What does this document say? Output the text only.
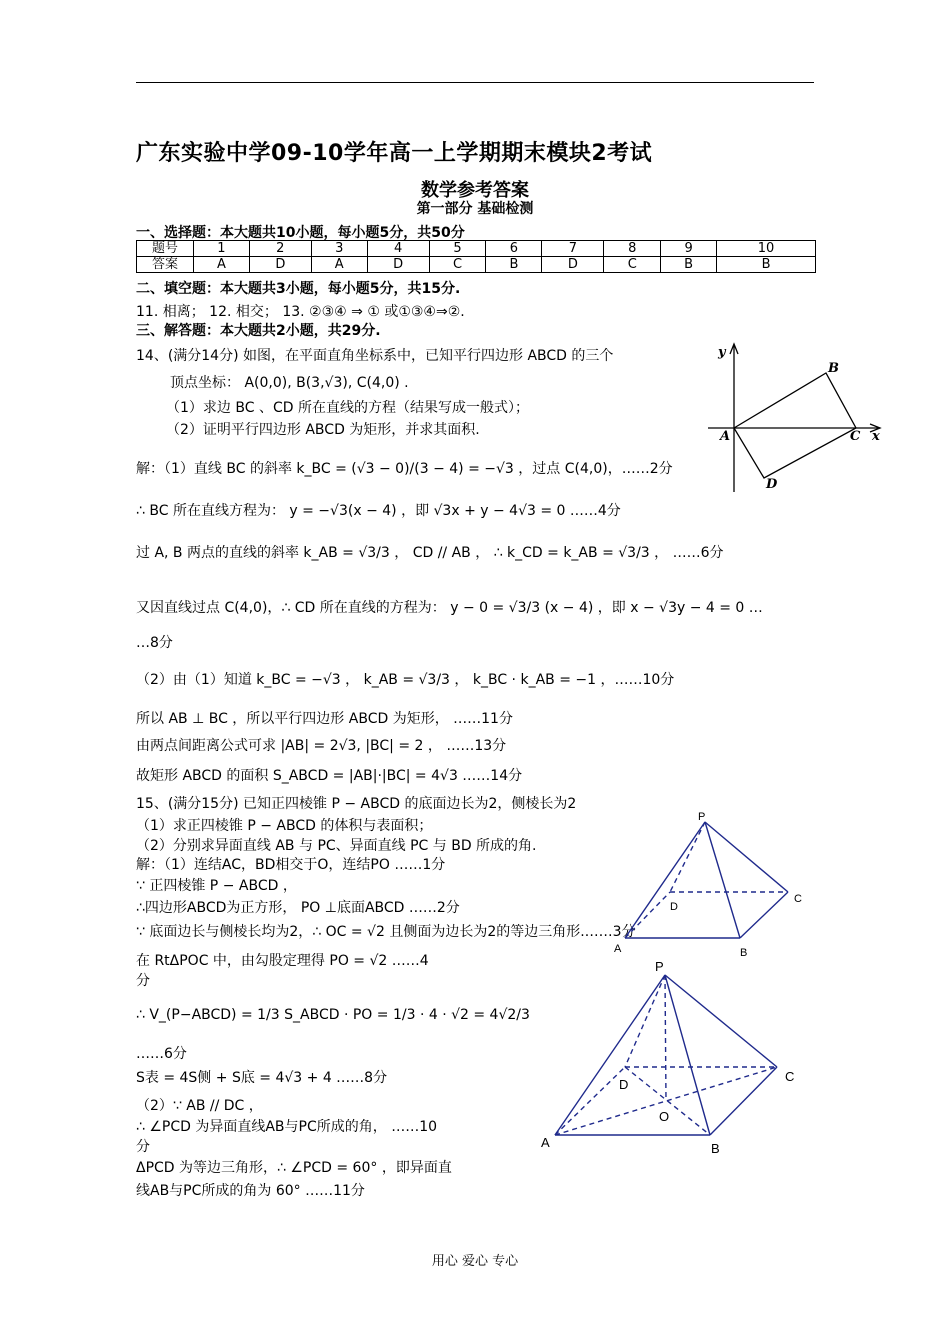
广东实验中学09-10学年高一上学期期末模块2考试
数学参考答案
第一部分 基础检测
一、选择题：本大题共10小题，每小题5分，共50分
题号	1	2	3	4	5	6	7	8	9	10
答案	A	D	A	D	C	B	D	C	B	B
二、填空题：本大题共3小题，每小题5分，共15分.
11. 相离； 12. 相交； 13. ②③④ ⇒ ① 或①③④⇒②.
三、解答题：本大题共2小题，共29分.
14、(满分14分) 如图，在平面直角坐标系中，已知平行四边形 ABCD 的三个
顶点坐标： A(0,0), B(3,√3), C(4,0) .
（1）求边 BC 、CD 所在直线的方程（结果写成一般式）；
（2）证明平行四边形 ABCD 为矩形，并求其面积.
解：（1）直线 BC 的斜率 k_BC = (√3 − 0)/(3 − 4) = −√3 ，过点 C(4,0)，……2分
∴ BC 所在直线方程为： y = −√3(x − 4) ，即 √3x + y − 4√3 = 0 ……4分
过 A, B 两点的直线的斜率 k_AB = √3/3 ， CD // AB ， ∴ k_CD = k_AB = √3/3 ， ……6分
又因直线过点 C(4,0)，∴ CD 所在直线的方程为： y − 0 = √3/3 (x − 4) ，即 x − √3y − 4 = 0 …
…8分
（2）由（1）知道 k_BC = −√3 ， k_AB = √3/3 ， k_BC · k_AB = −1 ，……10分
所以 AB ⊥ BC ，所以平行四边形 ABCD 为矩形， ……11分
由两点间距离公式可求 |AB| = 2√3, |BC| = 2 ， ……13分
故矩形 ABCD 的面积 S_ABCD = |AB|·|BC| = 4√3 ……14分
15、(满分15分) 已知正四棱锥 P − ABCD 的底面边长为2，侧棱长为2
（1）求正四棱锥 P − ABCD 的体积与表面积；
（2）分别求异面直线 AB 与 PC、异面直线 PC 与 BD 所成的角.
解：（1）连结AC，BD相交于O，连结PO ……1分
∵ 正四棱锥 P − ABCD ，
∴四边形ABCD为正方形， PO ⊥底面ABCD ……2分
∵ 底面边长与侧棱长均为2，∴ OC = √2 且侧面为边长为2的等边三角形.……3分
在 RtΔPOC 中，由勾股定理得 PO = √2 ……4
分
∴ V_(P−ABCD) = 1/3 S_ABCD · PO = 1/3 · 4 · √2 = 4√2/3
……6分
S表 = 4S侧 + S底 = 4√3 + 4 ……8分
（2）∵ AB // DC ，
∴ ∠PCD 为异面直线AB与PC所成的角， ……10
分
ΔPCD 为等边三角形，∴ ∠PCD = 60° ，即异面直
线AB与PC所成的角为 60° ……11分
y
x
A
B
C
D
P
A	B
C
D
P
A	B
C
D
O
用心 爱心 专心
